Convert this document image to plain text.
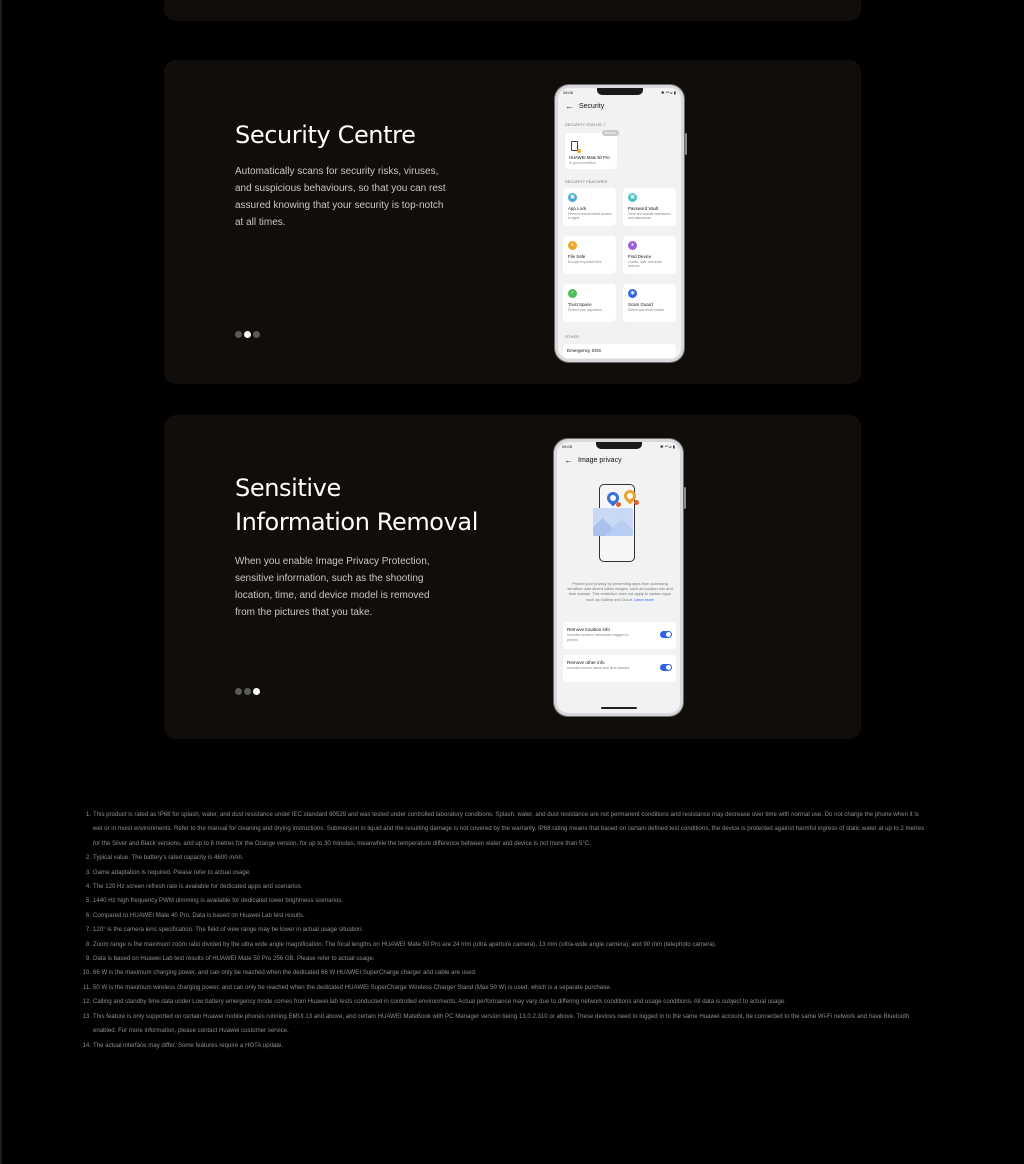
Security Centre

Automatically scans for security risks, viruses, and suspicious behaviours, so that you can rest assured knowing that your security is top-notch at all times.

08:08	✱ ⁴ᴳ⊿ ▮
← Security
SECURITY STATUS ⓘ
Secure
HUAWEI Mate 50 Pro
In good condition
SECURITY FEATURES
▣
App Lock
Prevent unauthorized access to apps
▣
Password Vault
Save and autofill usernames and passwords
≡
File Safe
Encrypt important files
●
Find Device
Locate, lock, and track devices
✓
Trust Space
Protect your payments
◉
Scam Guard
Detect and block scams
OTHER
Emergency SOS
Sensitive
Information Removal

When you enable Image Privacy Protection, sensitive information, such as the shooting location, time, and device model is removed from the pictures that you take.

08:08	✱ ⁴ᴳ⊿ ▮
← Image privacy
Protect your privacy by preventing apps from accessing sensitive data stored within images, such as location info and time stamps. This restriction does not apply to system apps such as Gallery and Cloud. Learn more
Remove location info
Includes location information tagged to photos
Remove other info
Includes device name and time stamps
1. This product is rated as IP68 for splash, water, and dust resistance under IEC standard 60529 and was tested under controlled laboratory conditions. Splash, water, and dust resistance are not permanent conditions and resistance may decrease over time with normal use. Do not charge the phone when it is wet or in moist environments. Refer to the manual for cleaning and drying instructions. Submersion in liquid and the resulting damage is not covered by the warranty. IP68 rating means that based on certain defined test conditions, the device is protected against harmful ingress of static water at up to 2 metres for the Silver and Black versions, and up to 6 metres for the Orange version, for up to 30 minutes, meanwhile the temperature difference between water and device is not more than 5°C.
2. Typical value. The battery's rated capacity is 4600 mAh.
3. Game adaptation is required. Please refer to actual usage.
4. The 120 Hz screen refresh rate is available for dedicated apps and scenarios.
5. 1440 Hz high frequency PWM dimming is available for dedicated lower brightness scenarios.
6. Compared to HUAWEI Mate 40 Pro. Data is based on Huawei Lab test results.
7. 120° is the camera lens specification. The field of view range may be lower in actual usage situation.
8. Zoom range is the maximum zoom ratio divided by the ultra wide angle magnification. The focal lengths on HUAWEI Mate 50 Pro are 24 mm (ultra aperture camera), 13 mm (ultra-wide angle camera), and 90 mm (telephoto camera).
9. Data is based on Huawei Lab test results of HUAWEI Mate 50 Pro 256 GB. Please refer to actual usage.
10. 66 W is the maximum charging power, and can only be reached when the dedicated 66 W HUAWEI SuperCharge charger and cable are used.
11. 50 W is the maximum wireless charging power, and can only be reached when the dedicated HUAWEI SuperCharge Wireless Charger Stand (Max 50 W) is used, which is a separate purchase.
12. Calling and standby time data under Low battery emergency mode comes from Huawei lab tests conducted in controlled environments. Actual performance may vary due to differing network conditions and usage conditions. All data is subject to actual usage.
13. This feature is only supported on certain Huawei mobile phones running EMUI 13 and above, and certain HUAWEI MateBook with PC Manager version being 13.0.2.310 or above. These devices need to logged in to the same Huawei account, be connected to the same Wi-Fi network and have Bluetooth enabled. For more information, please contact Huawei customer service.
14. The actual interface may differ. Some features require a HOTA update.
